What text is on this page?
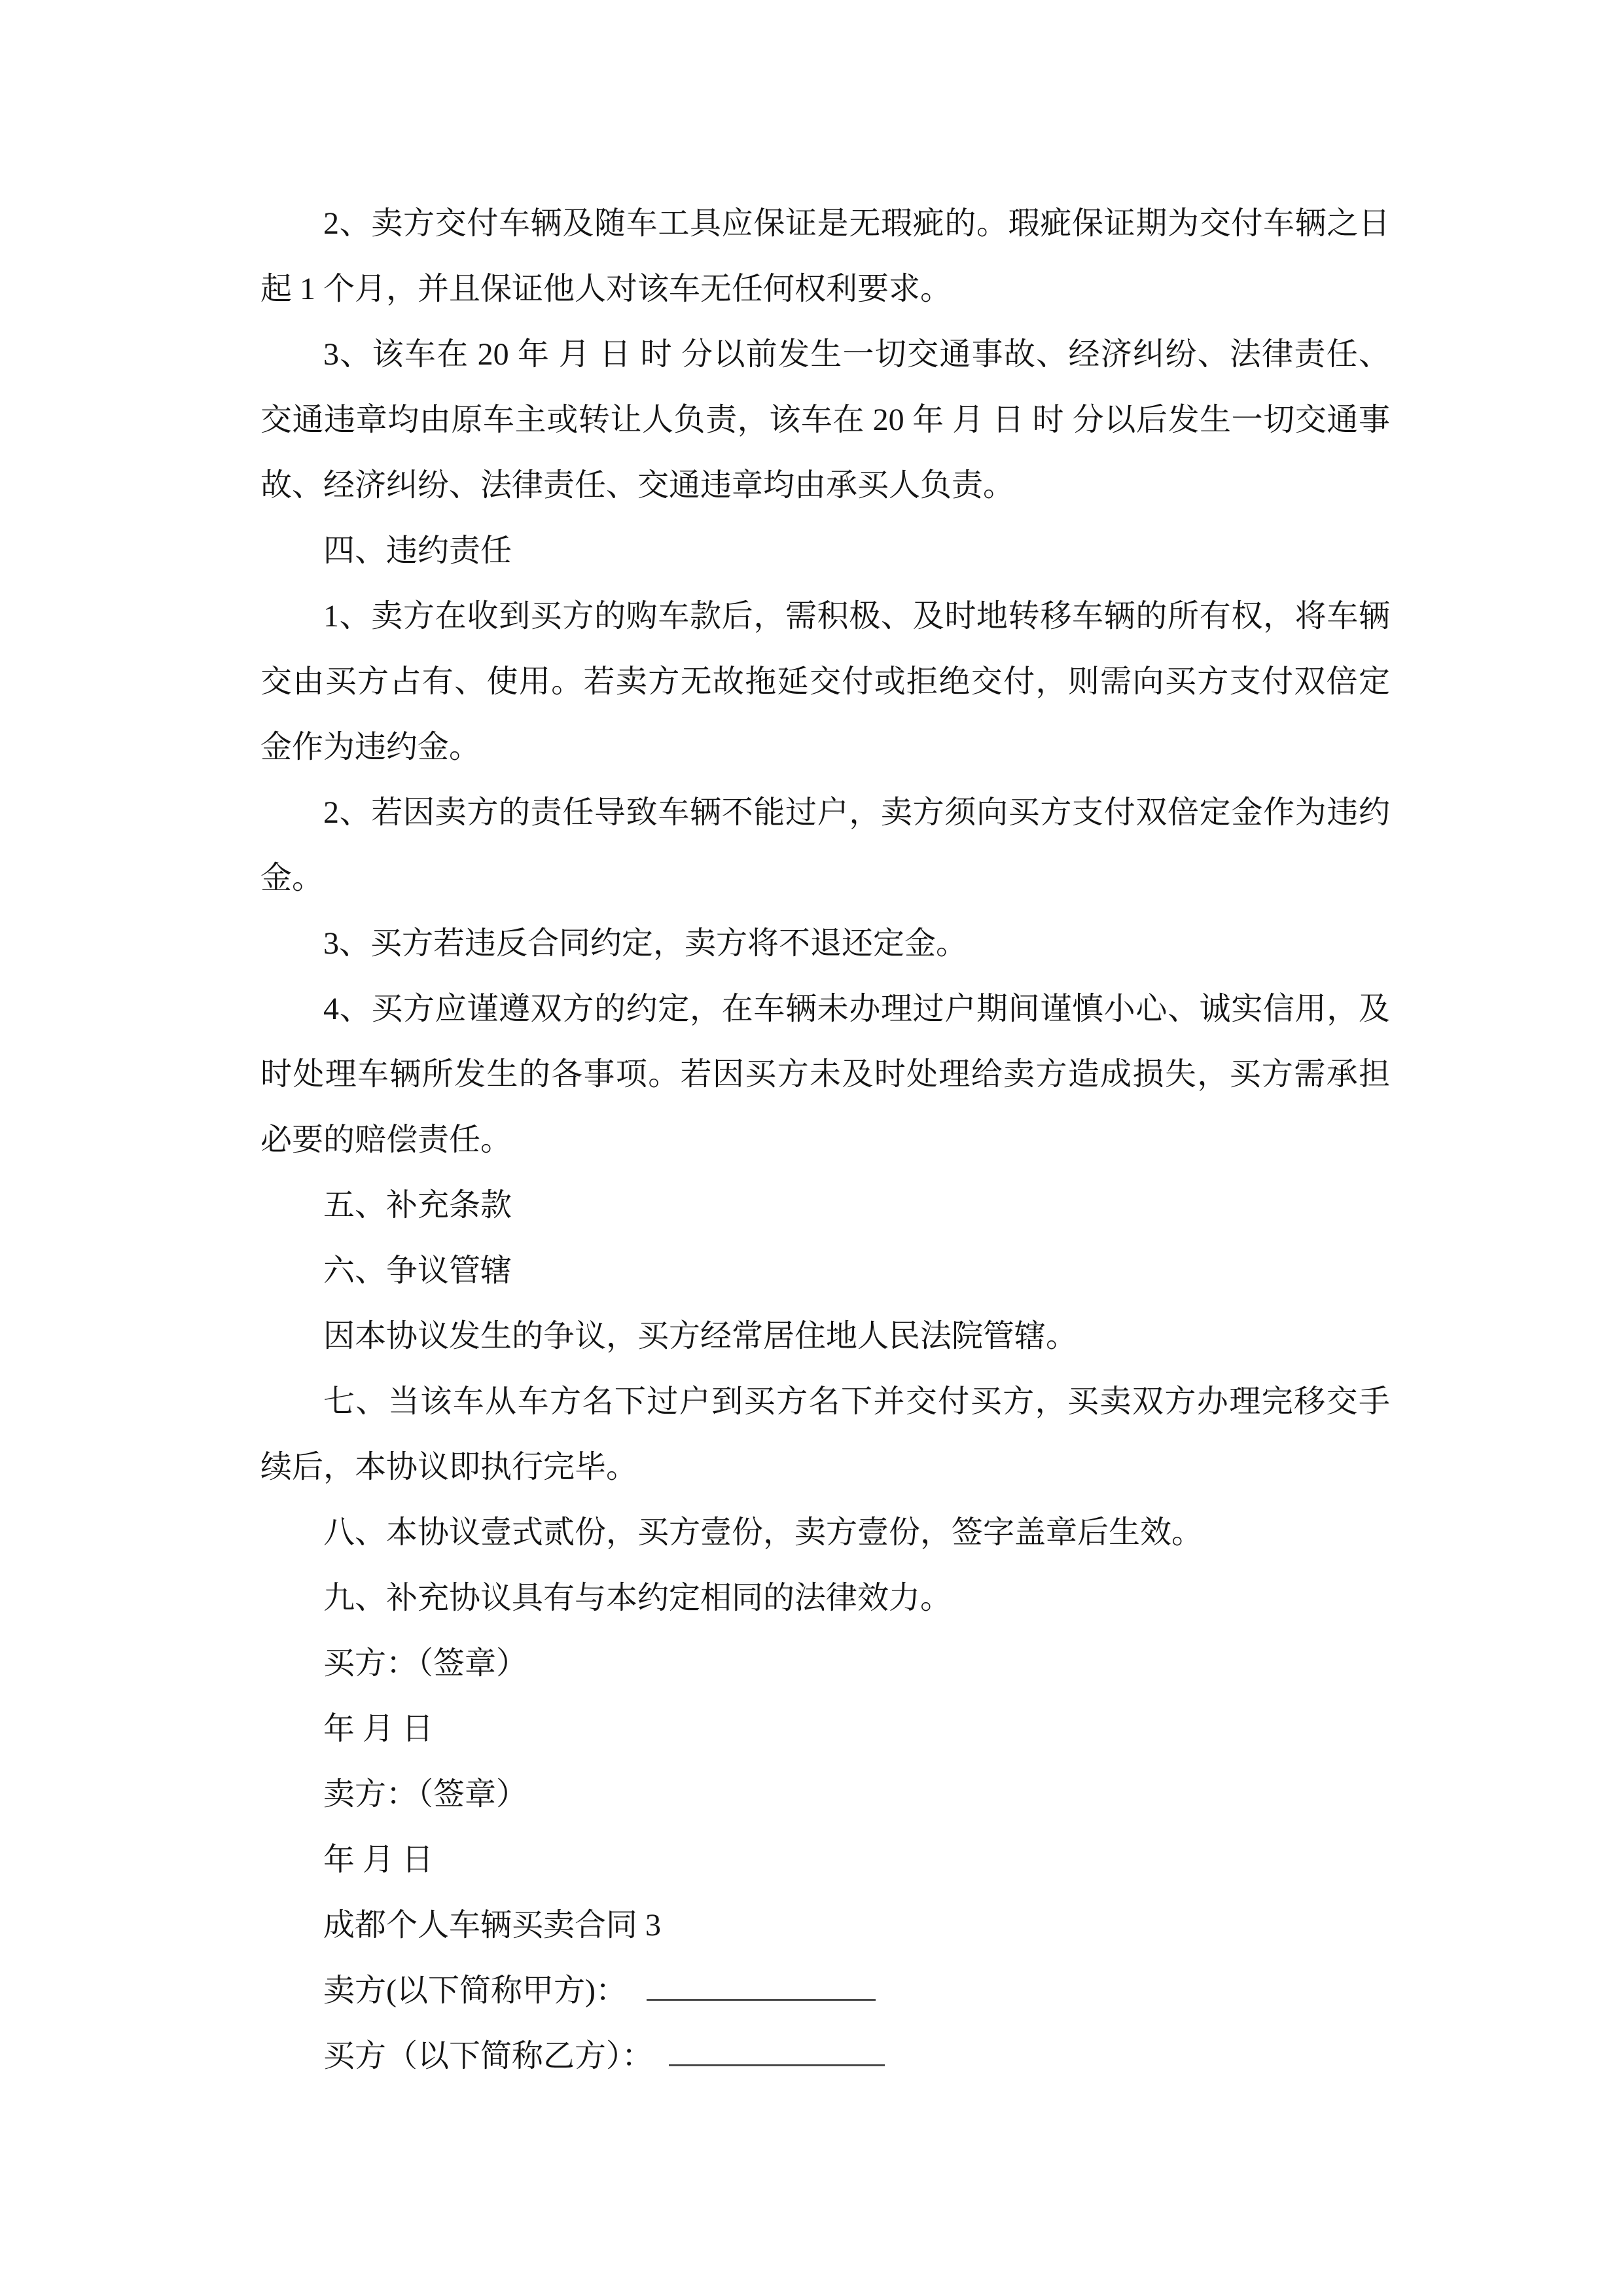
2、卖方交付车辆及随车工具应保证是无瑕疵的。瑕疵保证期为交付车辆之日起 1 个月，并且保证他人对该车无任何权利要求。

3、该车在 20 年 月 日 时 分以前发生一切交通事故、经济纠纷、法律责任、交通违章均由原车主或转让人负责，该车在 20 年 月 日 时 分以后发生一切交通事故、经济纠纷、法律责任、交通违章均由承买人负责。

四、违约责任

1、卖方在收到买方的购车款后，需积极、及时地转移车辆的所有权，将车辆交由买方占有、使用。若卖方无故拖延交付或拒绝交付，则需向买方支付双倍定金作为违约金。

2、若因卖方的责任导致车辆不能过户，卖方须向买方支付双倍定金作为违约金。

3、买方若违反合同约定，卖方将不退还定金。

4、买方应谨遵双方的约定，在车辆未办理过户期间谨慎小心、诚实信用，及时处理车辆所发生的各事项。若因买方未及时处理给卖方造成损失，买方需承担必要的赔偿责任。

五、补充条款

六、争议管辖

因本协议发生的争议，买方经常居住地人民法院管辖。

七、当该车从车方名下过户到买方名下并交付买方，买卖双方办理完移交手续后，本协议即执行完毕。

八、本协议壹式贰份，买方壹份，卖方壹份，签字盖章后生效。

九、补充协议具有与本约定相同的法律效力。

买方：（签章）

年 月 日

卖方：（签章）

年 月 日

成都个人车辆买卖合同 3

卖方(以下简称甲方)：

买方（以下简称乙方）：
